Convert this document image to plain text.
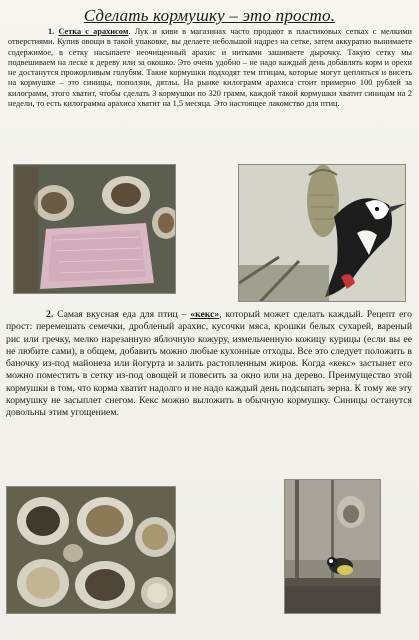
Сделать кормушку – это просто.
1. Сетка с арахисом. Лук и киви в магазинах часто продают в пластиковых сетках с мелкими отверстиями. Купив овощи в такой упаковке, вы делаете небольшой надрез на сетке, затем аккуратно вынимаете содержимое, в сетку насыпаете неочищенный арахис и нитками зашиваете дырочку. Такую сетку мы подвешиваем на леске к дереву или за окошко. Это очень удобно – не надо каждый день добавлять корм и орехи не достанутся прожорливым голубям. Такие кормушки подходят тем птицам, которые могут цепляться и висеть на кормушке – это синицы, поползни, дятлы. На рынке килограмм арахиса стоит примерно 100 рублей за килограмм, этого хватит, чтобы сделать 3 кормушки по 320 грамм, каждой такой кормушки хватит синицам на 2 недели, то есть килограмма арахиса хватит на 1,5 месяца. Это настоящее лакомство для птиц.
2. Самая вкусная еда для птиц – «кекс», который может сделать каждый. Рецепт его прост: перемешать семечки, дробленый арахис, кусочки мяса, крошки белых сухарей, вареный рис или гречку, мелко нарезанную яблочную кожуру, измельченную кожицу курицы (если вы ее не любите сами), в общем, добавить можно любые кухонные отходы. Все это следует положить в баночку из-под майонеза или йогурта и залить растопленным жиров. Когда «кекс» застынет его можно поместить в сетку из-под овощей и повесить за окно или на дерево. Преимущество этой кормушки в том, что корма хватит надолго и не надо каждый день подсыпать зерна. К тому же эту кормушку не засыплет снегом. Кекс можно выложить в обычную кормушку. Синицы останутся довольны этим угощением.
